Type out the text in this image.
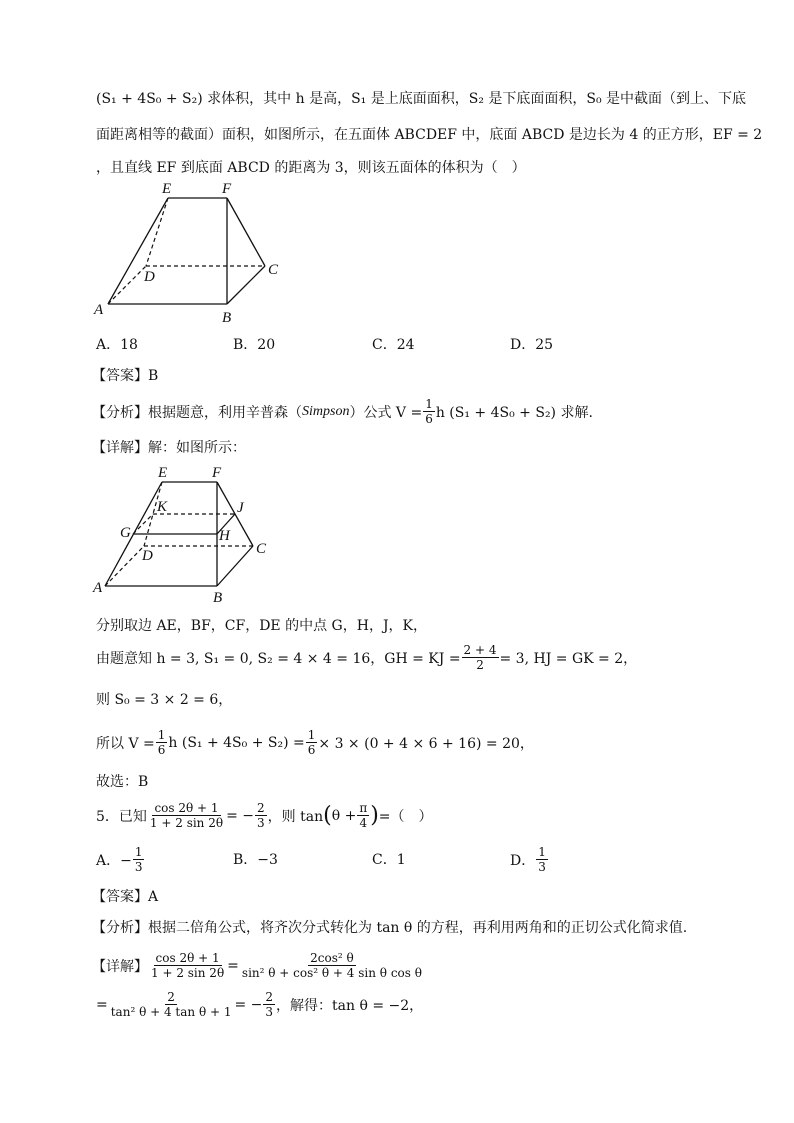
(S₁ + 4S₀ + S₂) 求体积，其中 h 是高，S₁ 是上底面面积，S₂ 是下底面面积，S₀ 是中截面（到上、下底
面距离相等的截面）面积，如图所示，在五面体 ABCDEF 中，底面 ABCD 是边长为 4 的正方形，EF = 2
，且直线 EF 到底面 ABCD 的距离为 3，则该五面体的体积为（　）
E	F
D	C
A	B
A．18	B．20	C．24	D．25
【答案】B
【分析】 根据题意，利用辛普森（ Simpson ）公式 $V = \frac{1}{6}$ h (S₁ + 4S₀ + S₂) 求解.
【详解】解：如图所示：
E	F
K	J
G	H
D	C
A
B
分别取边 AE，BF，CF，DE 的中点 G，H，J，K，
由题意知 h = 3, S₁ = 0, S₂ = 4 × 4 = 16，GH = KJ = $\frac{2 + 4}{2} = 3$, HJ = GK = 2，
则 S₀ = 3 × 2 = 6，
所以 $V = \frac{1}{6}$ h $(S_1 + 4S_0 + S_2) = \frac{1}{6} \times 3 \times (0 + 4 \times 6 + 16) = 20$，
故选：B
5．已知 $\frac{\cos 2\theta + 1}{1 + 2 \sin 2\theta}$ = − $\frac{2}{3}$ ，则 tan ( $\theta + \frac{\pi}{4}$ ) =（　）
A．− $\frac{1}{3}$	B．−3	C．1	D． $\frac{1}{3}$
【答案】A
【分析】根据二倍角公式，将齐次分式转化为 tan θ 的方程，再利用两角和的正切公式化简求值.
【详解】 $\frac{\cos 2\theta + 1}{1 + 2 \sin 2\theta} = \frac{\text{2cos² θ}}{\text{sin² θ + cos² θ + 4 sin θ cos θ}}$
= $\frac{2}{\text{tan² θ + 4 tan θ + 1}}$ = − $\frac{2}{3}$ ，解得：tan θ = −2，
